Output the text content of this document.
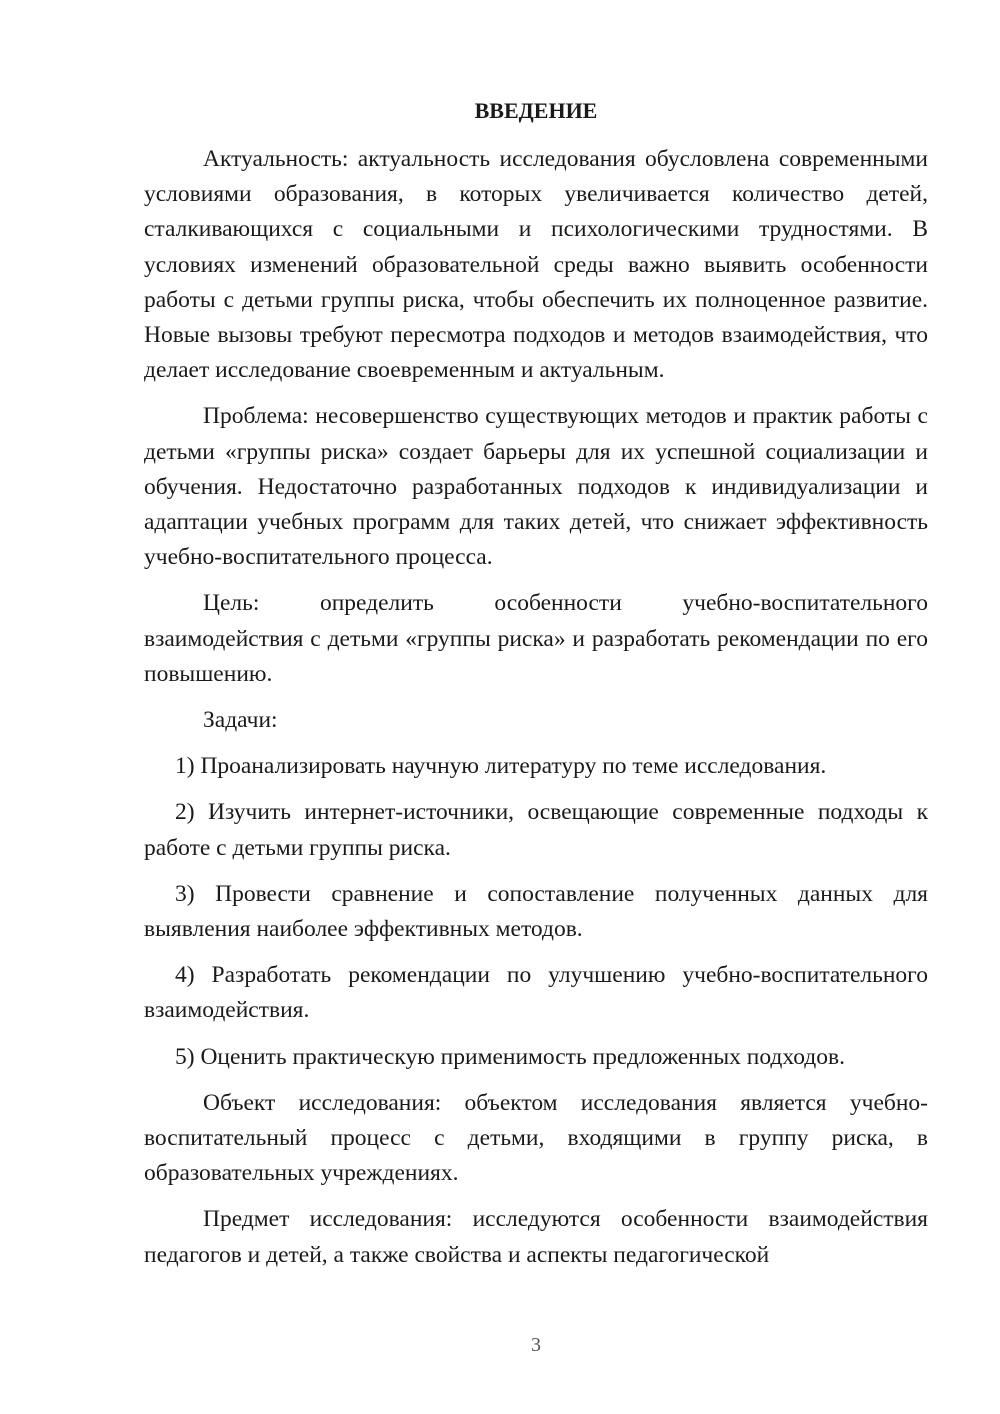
ВВЕДЕНИЕ

Актуальность: актуальность исследования обусловлена современными условиями образования, в которых увеличивается количество детей, сталкивающихся с социальными и психологическими трудностями. В условиях изменений образовательной среды важно выявить особенности работы с детьми группы риска, чтобы обеспечить их полноценное развитие. Новые вызовы требуют пересмотра подходов и методов взаимодействия, что делает исследование своевременным и актуальным.

Проблема: несовершенство существующих методов и практик работы с детьми «группы риска» создает барьеры для их успешной социализации и обучения. Недостаточно разработанных подходов к индивидуализации и адаптации учебных программ для таких детей, что снижает эффективность учебно-воспитательного процесса.

Цель: определить особенности учебно-воспитательного взаимодействия с детьми «группы риска» и разработать рекомендации по его повышению.

Задачи:

1) Проанализировать научную литературу по теме исследования.

2) Изучить интернет-источники, освещающие современные подходы к работе с детьми группы риска.

3) Провести сравнение и сопоставление полученных данных для выявления наиболее эффективных методов.

4) Разработать рекомендации по улучшению учебно-воспитательного взаимодействия.

5) Оценить практическую применимость предложенных подходов.

Объект исследования: объектом исследования является учебно-воспитательный процесс с детьми, входящими в группу риска, в образовательных учреждениях.

Предмет исследования: исследуются особенности взаимодействия педагогов и детей, а также свойства и аспекты педагогической

3
